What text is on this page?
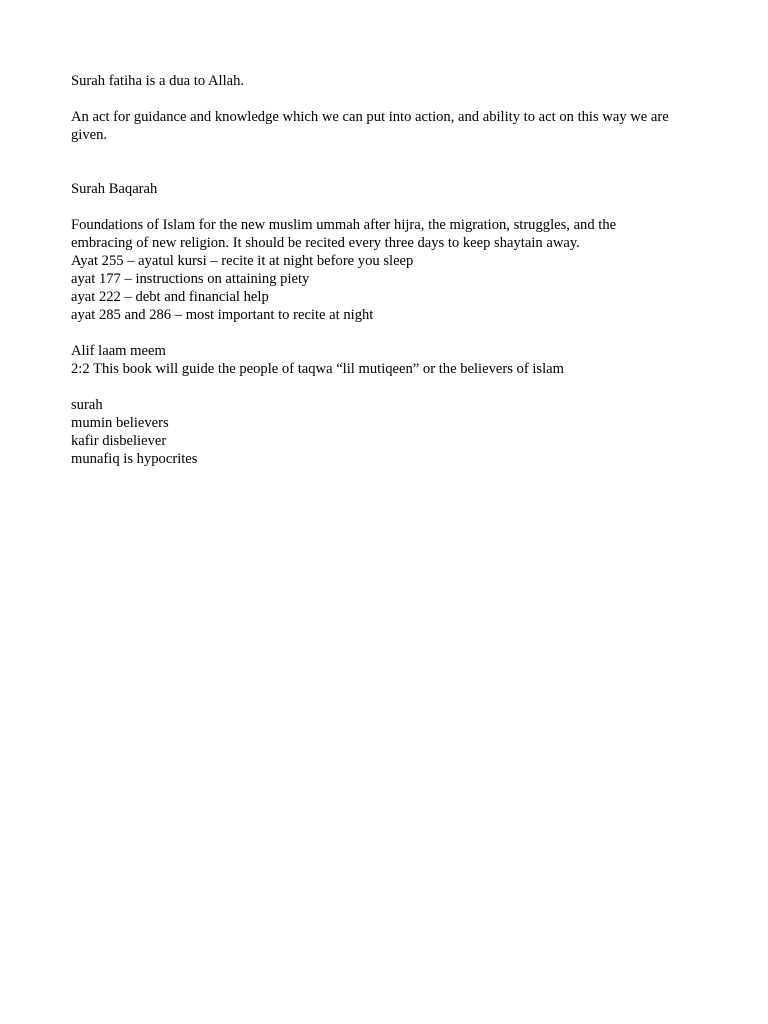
Surah fatiha is a dua to Allah.

An act for guidance and knowledge which we can put into action, and ability to act on this way we are given.

Surah Baqarah

Foundations of Islam for the new muslim ummah after hijra, the migration, struggles, and the

embracing of new religion. It should be recited every three days to keep shaytain away.

Ayat 255 – ayatul kursi – recite it at night before you sleep

ayat 177 – instructions on attaining piety

ayat 222 – debt and financial help

ayat 285 and 286 – most important to recite at night

Alif laam meem

2:2 This book will guide the people of taqwa “lil mutiqeen” or the believers of islam

surah

mumin believers

kafir disbeliever

munafiq is hypocrites
